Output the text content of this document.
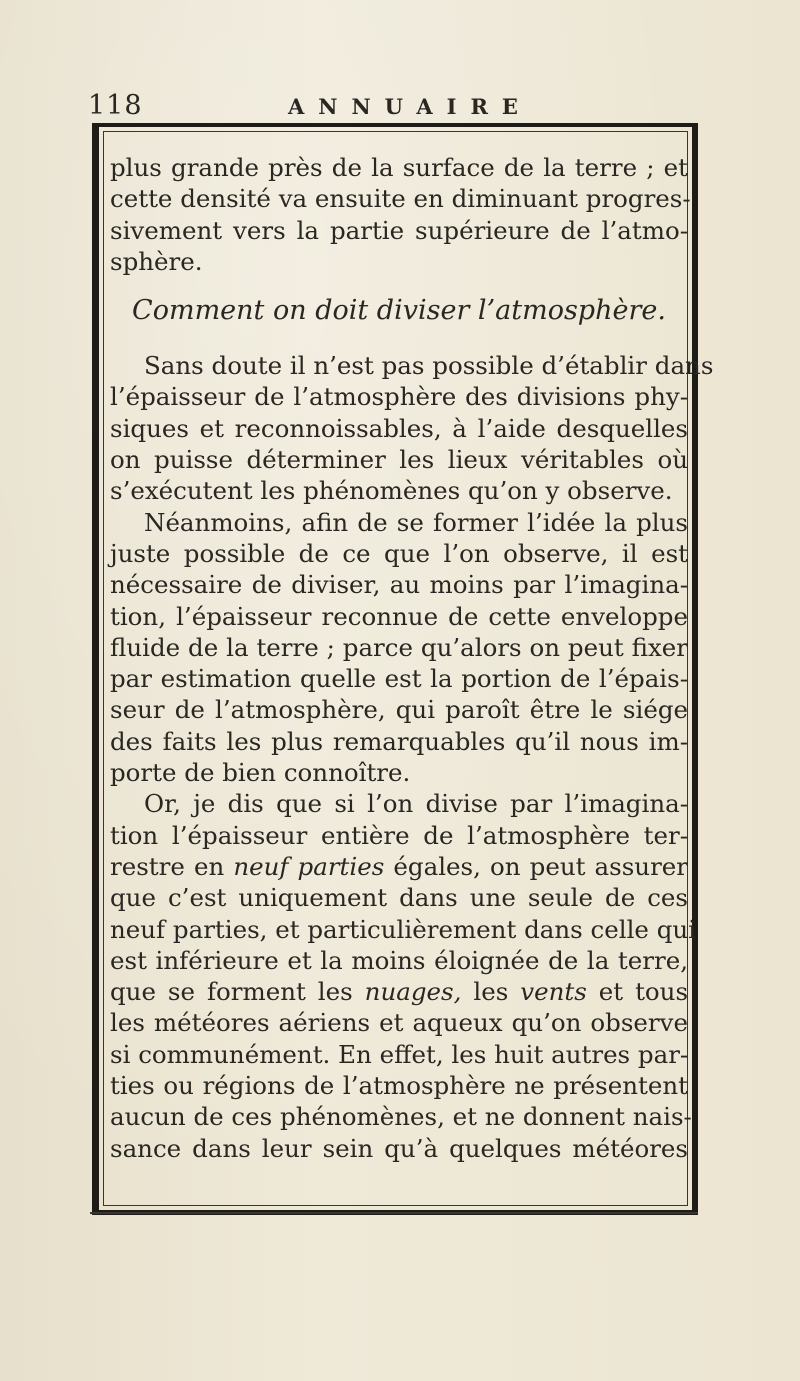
118	ANNUAIRE
plus grande près de la surface de la terre ; et
cette densité va ensuite en diminuant progres-
sivement vers la partie supérieure de l’atmo-
sphère.
Comment on doit diviser l’atmosphère.
Sans doute il n’est pas possible d’établir dans
l’épaisseur de l’atmosphère des divisions phy-
siques et reconnoissables, à l’aide desquelles
on puisse déterminer les lieux véritables où
s’exécutent les phénomènes qu’on y observe.
Néanmoins, afin de se former l’idée la plus
juste possible de ce que l’on observe, il est
nécessaire de diviser, au moins par l’imagina-
tion, l’épaisseur reconnue de cette enveloppe
fluide de la terre ; parce qu’alors on peut fixer
par estimation quelle est la portion de l’épais-
seur de l’atmosphère, qui paroît être le siége
des faits les plus remarquables qu’il nous im-
porte de bien connoître.
Or, je dis que si l’on divise par l’imagina-
tion l’épaisseur entière de l’atmosphère ter-
restre en neuf parties égales, on peut assurer
que c’est uniquement dans une seule de ces
neuf parties, et particulièrement dans celle qui
est inférieure et la moins éloignée de la terre,
que se forment les nuages, les vents et tous
les météores aériens et aqueux qu’on observe
si communément. En effet, les huit autres par-
ties ou régions de l’atmosphère ne présentent
aucun de ces phénomènes, et ne donnent nais-
sance dans leur sein qu’à quelques météores
